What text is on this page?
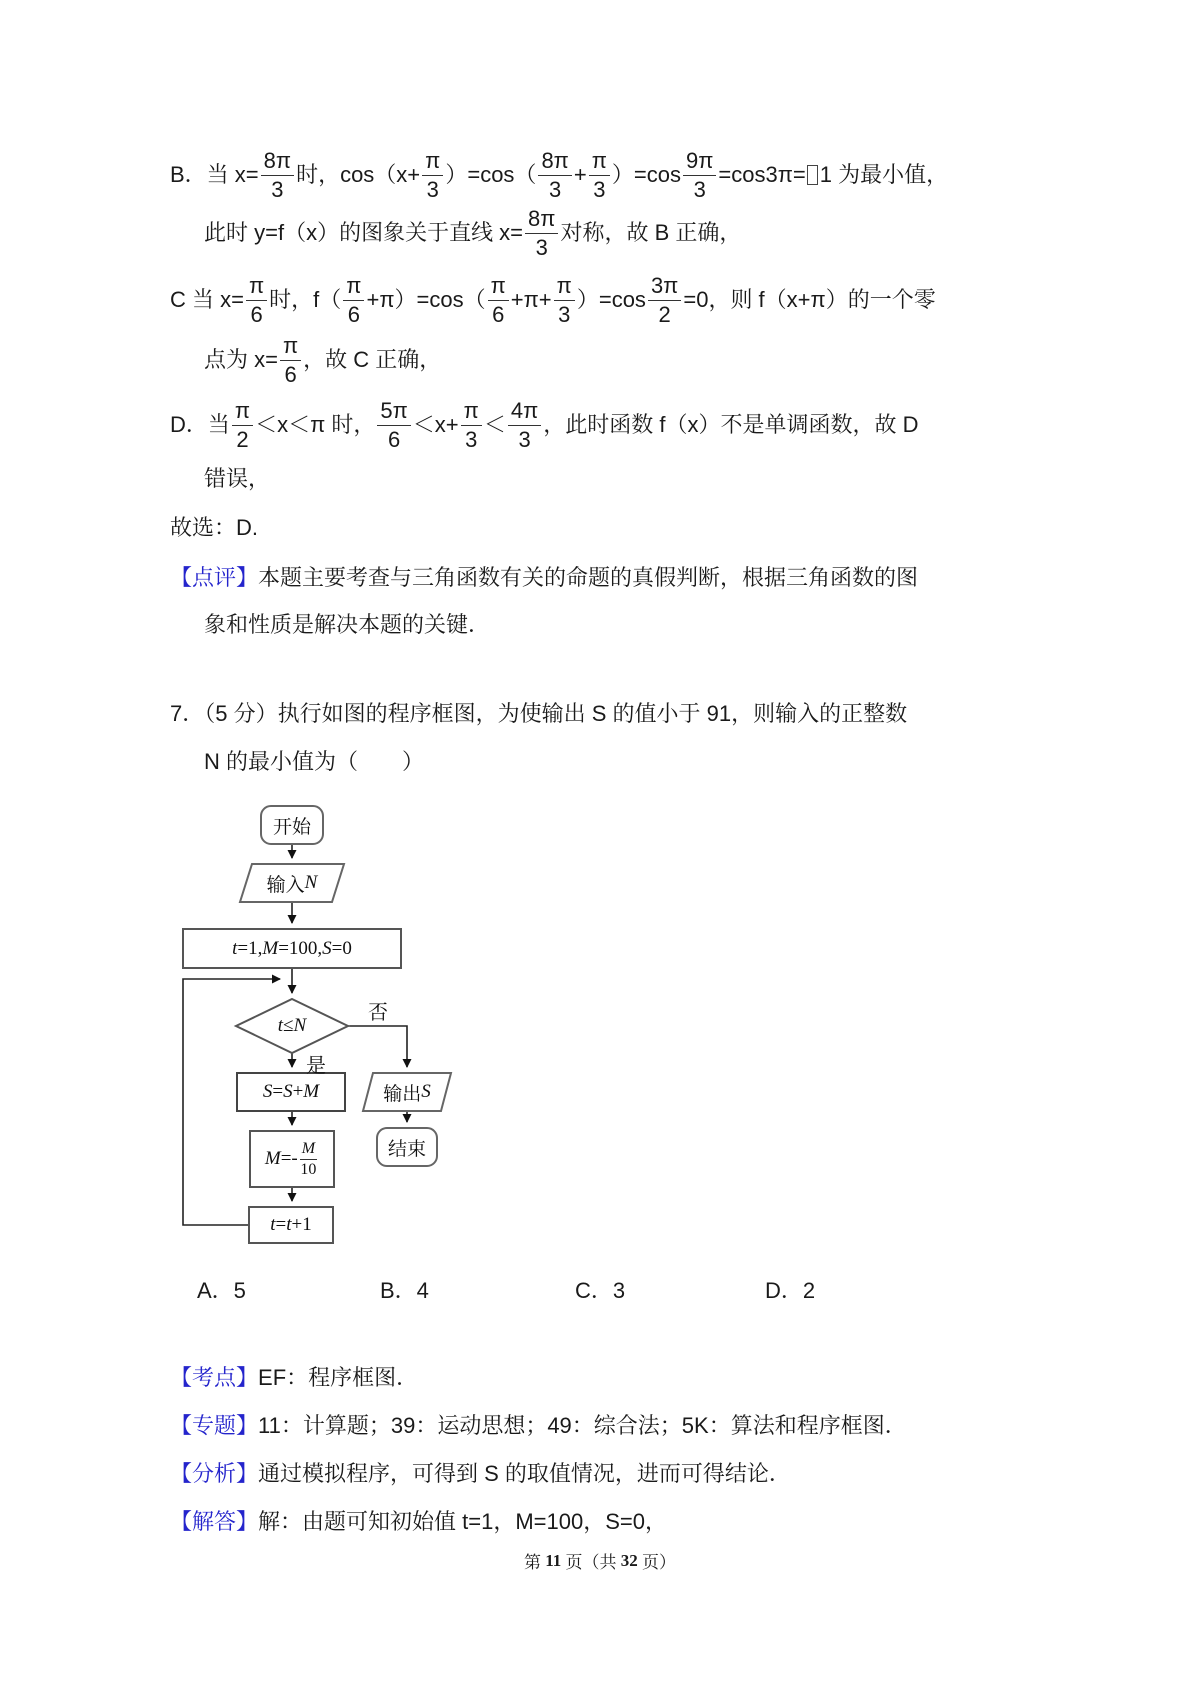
B．当 $x= \frac{8\pi}{3}$ 时，$\cos(x+ \frac{\pi}{3} )=\cos( \frac{8\pi}{3} + \frac{\pi}{3} )=\cos \frac{9\pi}{3} =\cos 3\pi= 1$ 为最小值，
此时 y=f（x）的图象关于直线 $x= \frac{8\pi}{3}$ 对称，故 B 正确，
C 当 $x= \frac{\pi}{6}$ 时，$f( \frac{\pi}{6} +\pi)=\cos( \frac{\pi}{6} +\pi+ \frac{\pi}{3} )=\cos \frac{3\pi}{2} =0$，则 f（x+π）的一个零
点为 $x= \frac{\pi}{6}$ ，故 C 正确，
D．当 $\frac{\pi}{2} <x<\pi$ 时， $\frac{5\pi}{6} <x+ \frac{\pi}{3} < \frac{4\pi}{3}$ ，此时函数 f（x）不是单调函数，故 D
错误，
故选：D.
【点评】 本题主要考查与三角函数有关的命题的真假判断，根据三角函数的图
象和性质是解决本题的关键．
7．（5 分）执行如图的程序框图，为使输出 S 的值小于 91，则输入的正整数
N 的最小值为（　　）
开始
输入 N
t =1, M =100, S =0
t ≤ N
否
是
S = S + M
$M =- \frac{M}{10}$
t = t +1
输出 S
结束
A．5	B．4	C．3	D．2
【考点】 EF：程序框图．
【专题】 11：计算题；39：运动思想；49：综合法；5K：算法和程序框图．
【分析】 通过模拟程序，可得到 S 的取值情况，进而可得结论．
【解答】 解：由题可知初始值 t=1，M=100，S=0，
第 11 页（共 32 页）
